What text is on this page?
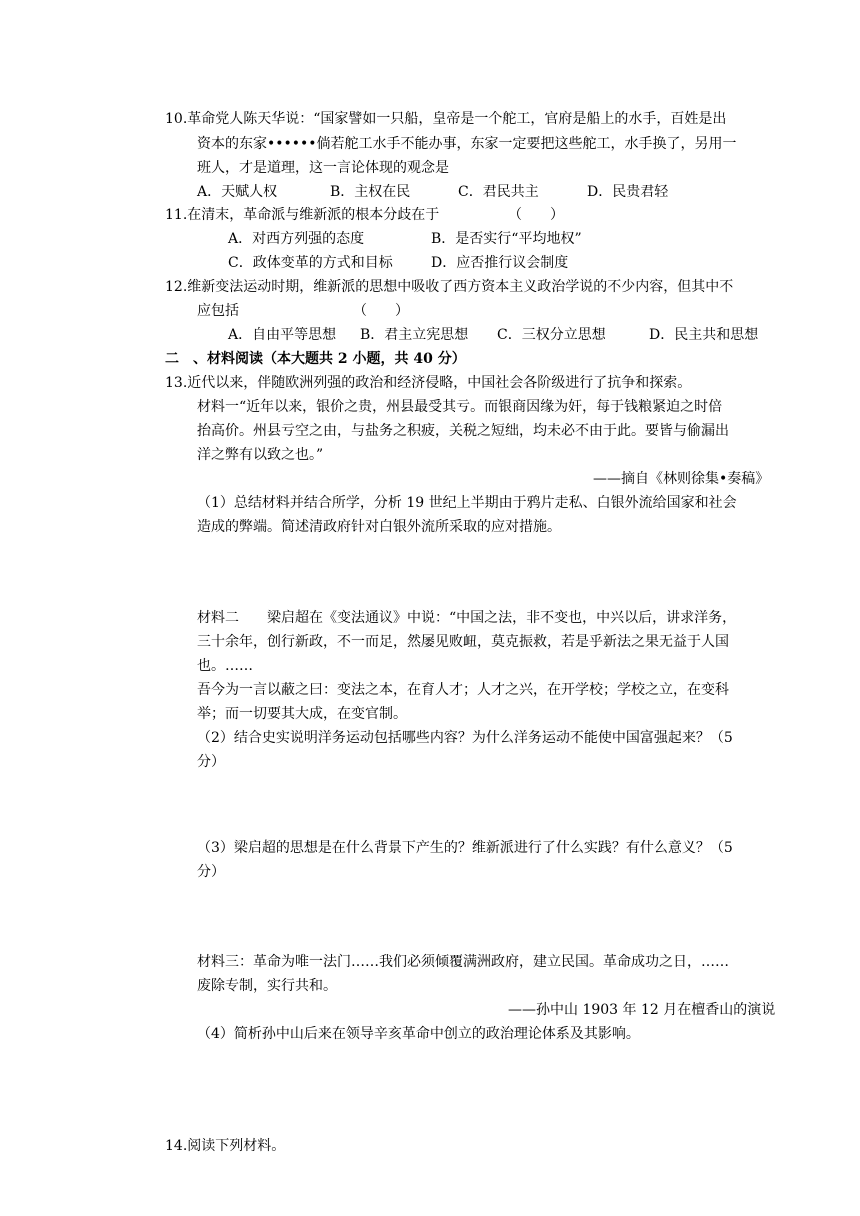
10.革命党人陈天华说：“国家譬如一只船，皇帝是一个舵工，官府是船上的水手，百姓是出
资本的东家••••••倘若舵工水手不能办事，东家一定要把这些舵工，水手换了，另用一
班人，才是道理，这一言论体现的观念是
A．天赋人权	B．主权在民	C．君民共主	D．民贵君轻
11.在清末，革命派与维新派的根本分歧在于	（　　）
A．对西方列强的态度	B．是否实行“平均地权”
C．政体变革的方式和目标	D．应否推行议会制度
12.维新变法运动时期，维新派的思想中吸收了西方资本主义政治学说的不少内容，但其中不
应包括	（　　）
A．自由平等思想 B．君主立宪思想 C．三权分立思想	D．民主共和思想
二　、材料阅读（本大题共 2 小题，共 40 分）
13.近代以来，伴随欧洲列强的政治和经济侵略，中国社会各阶级进行了抗争和探索。
材料一“近年以来，银价之贵，州县最受其亏。而银商因缘为奸，每于钱粮紧迫之时倍
抬高价。州县亏空之由，与盐务之积疲，关税之短绌，均未必不由于此。要皆与偷漏出
洋之弊有以致之也。”
——摘自《林则徐集•奏稿》
（1）总结材料并结合所学，分析 19 世纪上半期由于鸦片走私、白银外流给国家和社会
造成的弊端。简述清政府针对白银外流所采取的应对措施。
材料二　　梁启超在《变法通议》中说：“中国之法，非不变也，中兴以后，讲求洋务，
三十余年，创行新政，不一而足，然屡见败衄，莫克振救，若是乎新法之果无益于人国
也。……
吾今为一言以蔽之曰：变法之本，在育人才；人才之兴，在开学校；学校之立，在变科
举；而一切要其大成，在变官制。
（2）结合史实说明洋务运动包括哪些内容？为什么洋务运动不能使中国富强起来？（5
分）
（3）梁启超的思想是在什么背景下产生的？维新派进行了什么实践？有什么意义？（5
分）
材料三：革命为唯一法门……我们必须倾覆满洲政府，建立民国。革命成功之日，……
废除专制，实行共和。
——孙中山 1903 年 12 月在檀香山的演说
（4）简析孙中山后来在领导辛亥革命中创立的政治理论体系及其影响。
14.阅读下列材料。
